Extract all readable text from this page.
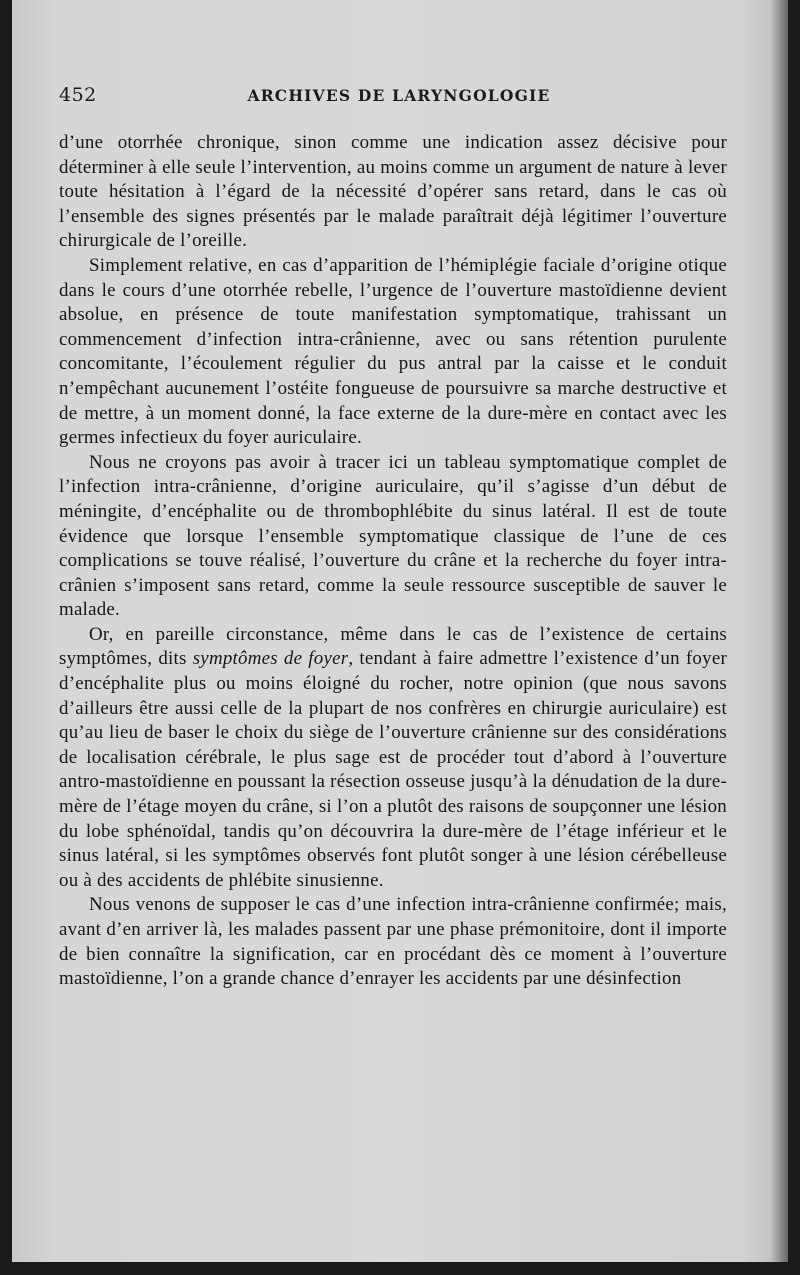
452	ARCHIVES DE LARYNGOLOGIE

d’une otorrhée chronique, sinon comme une indication assez décisive pour déterminer à elle seule l’intervention, au moins comme un argument de nature à lever toute hésitation à l’égard de la nécessité d’opérer sans retard, dans le cas où l’ensemble des signes présentés par le malade paraîtrait déjà légitimer l’ouverture chirurgicale de l’oreille.

Simplement relative, en cas d’apparition de l’hémiplégie faciale d’origine otique dans le cours d’une otorrhée rebelle, l’urgence de l’ouverture mastoïdienne devient absolue, en présence de toute manifestation symptomatique, trahissant un commencement d’infection intra-crânienne, avec ou sans rétention purulente concomitante, l’écoulement régulier du pus antral par la caisse et le conduit n’empêchant aucunement l’ostéite fongueuse de poursuivre sa marche destructive et de mettre, à un moment donné, la face externe de la dure-mère en contact avec les germes infectieux du foyer auriculaire.

Nous ne croyons pas avoir à tracer ici un tableau symptomatique complet de l’infection intra-crânienne, d’origine auriculaire, qu’il s’agisse d’un début de méningite, d’encéphalite ou de thrombophlébite du sinus latéral. Il est de toute évidence que lorsque l’ensemble symptomatique classique de l’une de ces complications se touve réalisé, l’ouverture du crâne et la recherche du foyer intra-crânien s’imposent sans retard, comme la seule ressource susceptible de sauver le malade.

Or, en pareille circonstance, même dans le cas de l’existence de certains symptômes, dits symptômes de foyer, tendant à faire admettre l’existence d’un foyer d’encéphalite plus ou moins éloigné du rocher, notre opinion (que nous savons d’ailleurs être aussi celle de la plupart de nos confrères en chirurgie auriculaire) est qu’au lieu de baser le choix du siège de l’ouverture crânienne sur des considérations de localisation cérébrale, le plus sage est de procéder tout d’abord à l’ouverture antro-mastoïdienne en poussant la résection osseuse jusqu’à la dénudation de la dure-mère de l’étage moyen du crâne, si l’on a plutôt des raisons de soupçonner une lésion du lobe sphénoïdal, tandis qu’on découvrira la dure-mère de l’étage inférieur et le sinus latéral, si les symptômes observés font plutôt songer à une lésion cérébelleuse ou à des accidents de phlébite sinusienne.

Nous venons de supposer le cas d’une infection intra-crânienne confirmée; mais, avant d’en arriver là, les malades passent par une phase prémonitoire, dont il importe de bien connaître la signification, car en procédant dès ce moment à l’ouverture mastoïdienne, l’on a grande chance d’enrayer les accidents par une désinfection
